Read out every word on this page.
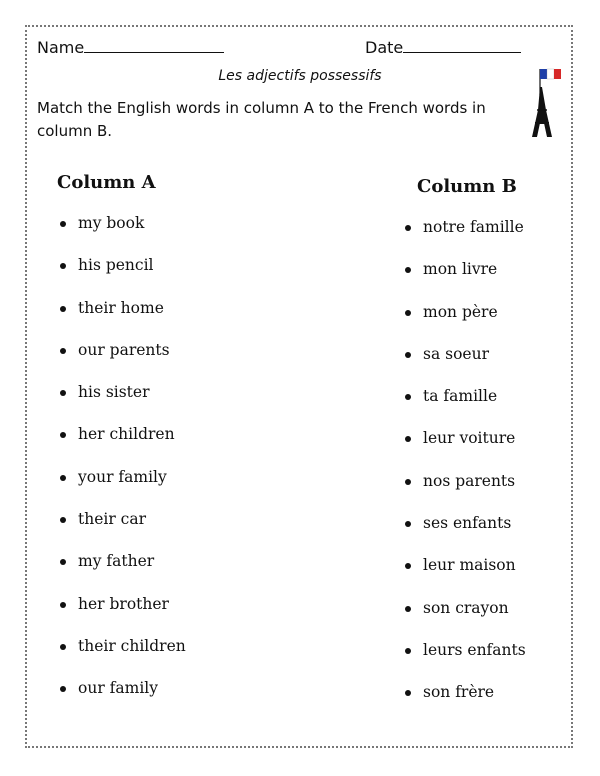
Name	Date
Les adjectifs possessifs
Match the English words in column A to the French words in column B.
Column A	Column B
my book
his pencil
their home
our parents
his sister
her children
your family
their car
my father
her brother
their children
our family
notre famille
mon livre
mon père
sa soeur
ta famille
leur voiture
nos parents
ses enfants
leur maison
son crayon
leurs enfants
son frère
